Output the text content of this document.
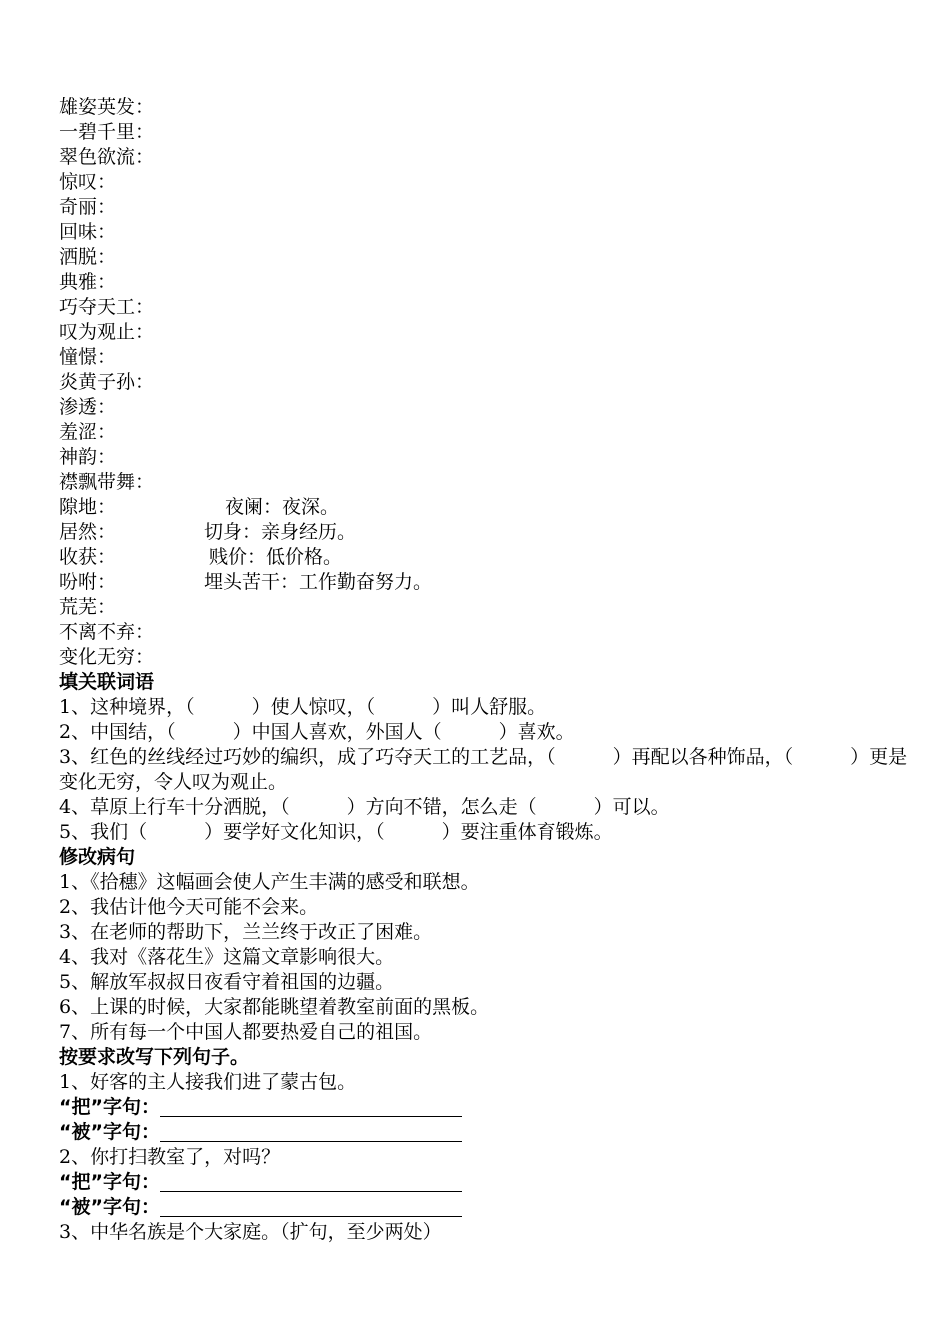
雄姿英发：
一碧千里：
翠色欲流：
惊叹：
奇丽：
回味：
洒脱：
典雅：
巧夺天工：
叹为观止：
憧憬：
炎黄子孙：
渗透：
羞涩：
神韵：
襟飘带舞：
隙地：	夜阑：夜深。
居然：	切身：亲身经历。
收获：	贱价：低价格。
吩咐：	埋头苦干：工作勤奋努力。
荒芜：
不离不弃：
变化无穷：
填关联词语
1、这种境界，（　　　）使人惊叹，（　　　）叫人舒服。
2、中国结，（　　　）中国人喜欢，外国人（　　　）喜欢。
3、红色的丝线经过巧妙的编织，成了巧夺天工的工艺品，（　　　）再配以各种饰品，（　　　）更是变化无穷，令人叹为观止。
4、草原上行车十分洒脱，（　　　）方向不错，怎么走（　　　）可以。
5、我们（　　　）要学好文化知识，（　　　）要注重体育锻炼。
修改病句
1、《拾穗》这幅画会使人产生丰满的感受和联想。
2、我估计他今天可能不会来。
3、在老师的帮助下，兰兰终于改正了困难。
4、我对《落花生》这篇文章影响很大。
5、解放军叔叔日夜看守着祖国的边疆。
6、上课的时候，大家都能眺望着教室前面的黑板。
7、所有每一个中国人都要热爱自己的祖国。
按要求改写下列句子。
1、好客的主人接我们进了蒙古包。
“把”字句：
“被”字句：
2、你打扫教室了，对吗？
“把”字句：
“被”字句：
3、中华名族是个大家庭。（扩句，至少两处）
